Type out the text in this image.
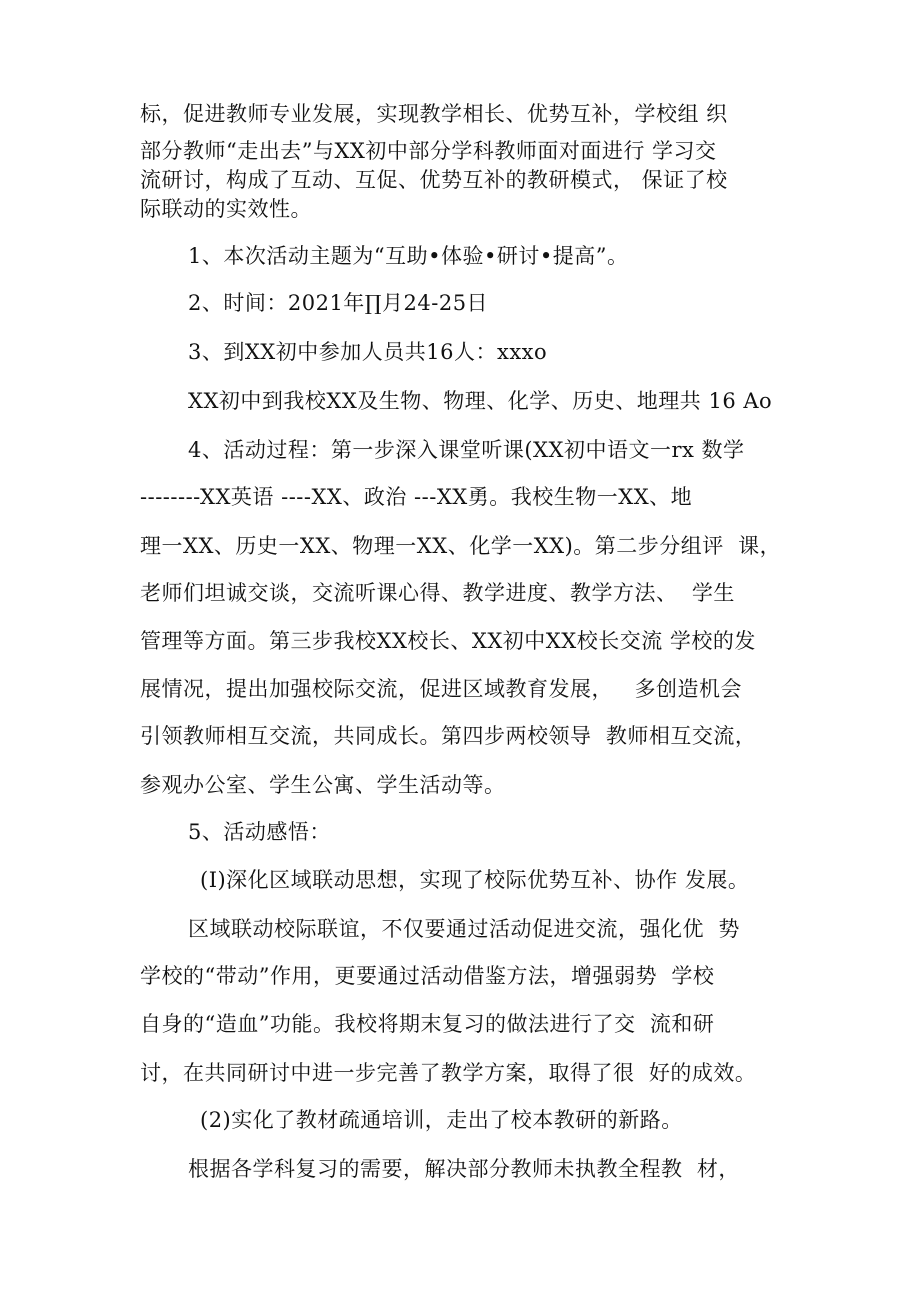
标，促进教师专业发展，实现教学相长、优势互补，学校组 织
部分教师“走出去”与XX初中部分学科教师面对面进行 学习交
流研讨，构成了互动、互促、优势互补的教研模式， 保证了校
际联动的实效性。
1、本次活动主题为“互助•体验•研讨•提高”。
2、时间：2021年∏月24-25日
3、到XX初中参加人员共16人：xxxo
XX初中到我校XX及生物、物理、化学、历史、地理共 16 Ao
4、活动过程：第一步深入课堂听课(XX初中语文一rx 数学
--------XX英语 ----XX、政治 ---XX勇。我校生物一XX、地
理一XX、历史一XX、物理一XX、化学一XX)。第二步分组评  课，
老师们坦诚交谈，交流听课心得、教学进度、教学方法、  学生
管理等方面。第三步我校XX校长、XX初中XX校长交流 学校的发
展情况，提出加强校际交流，促进区域教育发展，   多创造机会
引领教师相互交流，共同成长。第四步两校领导  教师相互交流，
参观办公室、学生公寓、学生活动等。
5、活动感悟：
(I)深化区域联动思想，实现了校际优势互补、协作 发展。
区域联动校际联谊，不仅要通过活动促进交流，强化优  势
学校的“带动”作用，更要通过活动借鉴方法，增强弱势  学校
自身的“造血”功能。我校将期末复习的做法进行了交  流和研
讨，在共同研讨中进一步完善了教学方案，取得了很  好的成效。
(2)实化了教材疏通培训，走出了校本教研的新路。
根据各学科复习的需要，解决部分教师未执教全程教  材，
